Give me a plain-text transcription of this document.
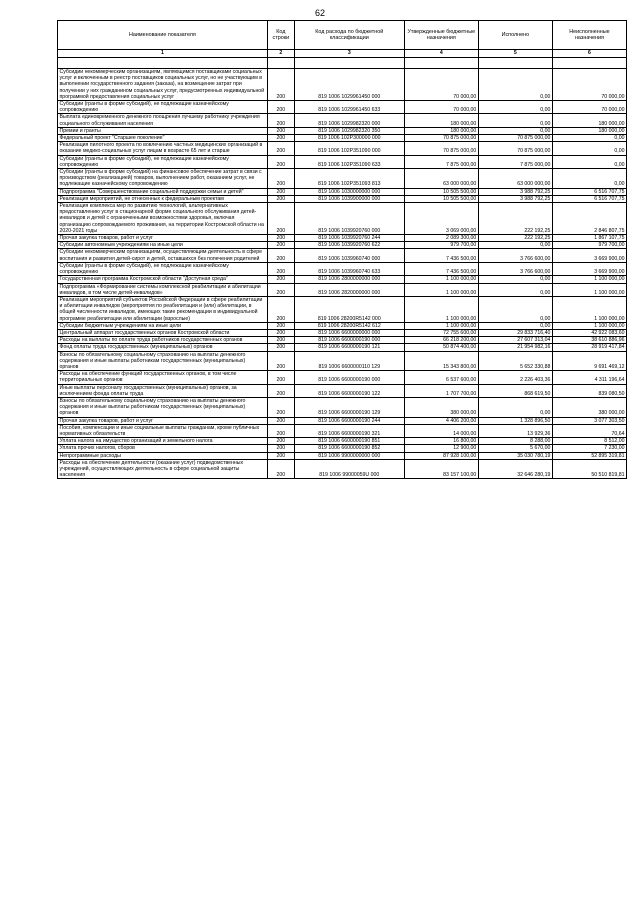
62
Наименование показателя	Код строки	Код расхода по бюджетной классификации	Утвержденные бюджетные назначения	Исполнено	Неисполненные назначения
1	2	3	4	5	6

Субсидии некоммерческим организациям, являющимся поставщиками социальных услуг и включенным в реестр поставщиков социальных услуг, но не участвующим в выполнении государственного задания (заказа), на возмещение затрат при получении у них гражданином социальных услуг, предусмотренных индивидуальной программой предоставления социальных услуг	200	819 1006 1029961450 000	70 000,00	0,00	70 000,00
Субсидии (гранты в форме субсидий), не подлежащие казначейскому сопровождению	200	819 1006 1029961450 633	70 000,00	0,00	70 000,00
Выплата единовременного денежного поощрения лучшему работнику учреждения социального обслуживания населения	200	819 1006 1029982320 000	180 000,00	0,00	180 000,00
Премии и гранты	200	819 1006 1029982320 350	180 000,00	0,00	180 000,00
Федеральный проект "Старшее поколение"	200	819 1006 102P300000 000	70 875 000,00	70 875 000,00	0,00
Реализация пилотного проекта по вовлечению частных медицинских организаций в оказание медико-социальных услуг лицам в возрасте 65 лет и старше	200	819 1006 102P351090 000	70 875 000,00	70 875 000,00	0,00
Субсидии (гранты в форме субсидий), не подлежащие казначейскому сопровождению	200	819 1006 102P351090 633	7 875 000,00	7 875 000,00	0,00
Субсидии (гранты в форме субсидий) на финансовое обеспечение затрат в связи с производством (реализацией) товаров, выполнением работ, оказанием услуг, не подлежащие казначейскому сопровождению	200	819 1006 102P351093 813	63 000 000,00	63 000 000,00	0,00
Подпрограмма "Совершенствование социальной поддержки семьи и детей"	200	819 1006 1030000000 000	10 505 500,00	3 988 792,25	6 516 707,75
Реализация мероприятий, не отнесенных к федеральным проектам	200	819 1006 1039900000 000	10 505 500,00	3 988 792,25	6 516 707,75
Реализация комплекса мер по развитию технологий, альтернативных предоставлению услуг в стационарной форме социального обслуживания детей-инвалидов и детей с ограниченными возможностями здоровья, включая организацию сопровождаемого проживания, на территории Костромской области на 2020-2021 годы	200	819 1006 1039920760 000	3 069 000,00	222 192,25	2 846 807,75
Прочая закупка товаров, работ и услуг	200	819 1006 1039920760 244	2 089 300,00	222 192,25	1 867 107,75
Субсидии автономным учреждениям на иные цели	200	819 1006 1039920760 622	979 700,00	0,00	979 700,00
Субсидии некоммерческим организациям, осуществляющим деятельность в сфере воспитания и развития детей-сирот и детей, оставшихся без попечения родителей	200	819 1006 1039960740 000	7 436 500,00	3 766 600,00	3 669 900,00
Субсидии (гранты в форме субсидий), не подлежащие казначейскому сопровождению	200	819 1006 1039960740 633	7 436 500,00	3 766 600,00	3 669 900,00
Государственная программа Костромской области "Доступная среда"	200	819 1006 2800000000 000	1 100 000,00	0,00	1 100 000,00
Подпрограмма «Формирование системы комплексной реабилитации и абилитации инвалидов, в том числе детей-инвалидов»	200	819 1006 2820000000 000	1 100 000,00	0,00	1 100 000,00
Реализация мероприятий субъектов Российской Федерации в сфере реабилитации и абилитации инвалидов (мероприятия по реабилитации и (или) абилитации, в общей численности инвалидов, имеющих такие рекомендации в индивидуальной программе реабилитации или абилитации (взрослые)	200	819 1006 28200R5142 000	1 100 000,00	0,00	1 100 000,00
Субсидии бюджетным учреждениям на иные цели	200	819 1006 28200R5142 612	1 100 000,00	0,00	1 100 000,00
Центральный аппарат государственных органов Костромской области	200	819 1006 6600000000 000	72 755 600,00	29 833 716,40	42 922 083,60
Расходы на выплаты по оплате труда работников государственных органов	200	819 1006 6600000190 000	66 218 200,00	27 607 313,04	38 610 886,96
Фонд оплаты труда государственных (муниципальных) органов	200	819 1006 6600000190 121	50 874 400,00	21 954 982,16	28 919 417,84
Взносы по обязательному социальному страхованию на выплаты денежного содержания и иные выплаты работникам государственных (муниципальных) органов	200	819 1006 6600000110 129	15 343 800,00	5 652 330,88	9 691 469,12
Расходы на обеспечение функций государственных органов, в том числе территориальных органов	200	819 1006 6600000190 000	6 537 600,00	2 226 403,36	4 311 196,64
Иные выплаты персоналу государственных (муниципальных) органов, за исключением фонда оплаты труда	200	819 1006 6600000190 122	1 707 700,00	868 619,50	839 080,50
Взносы по обязательному социальному страхованию на выплаты денежного содержания и иные выплаты работникам государственных (муниципальных) органов	200	819 1006 6600000190 129	380 000,00	0,00	380 000,00
Прочая закупка товаров, работ и услуг	200	819 1006 6600000190 244	4 406 200,00	1 328 896,50	3 077 303,50
Пособия, компенсации и иные социальные выплаты гражданам, кроме публичных нормативных обязательств	200	819 1006 6600000190 321	14 000,00	13 929,36	70,64
Уплата налога на имущество организаций и земельного налога	200	819 1006 6600000190 851	16 800,00	8 288,00	8 512,00
Уплата прочих налогов, сборов	200	819 1006 6600000190 852	12 900,00	5 670,00	7 230,00
Непрограммные расходы	200	819 1006 9900000000 000	87 928 100,00	35 030 780,19	52 895 319,81
Расходы на обеспечение деятельности (оказание услуг) подведомственных учреждений, осуществляющих деятельность в сфере социальной защиты населения	200	819 1006 99000059U 000	83 157 100,00	32 646 280,19	50 510 819,81
